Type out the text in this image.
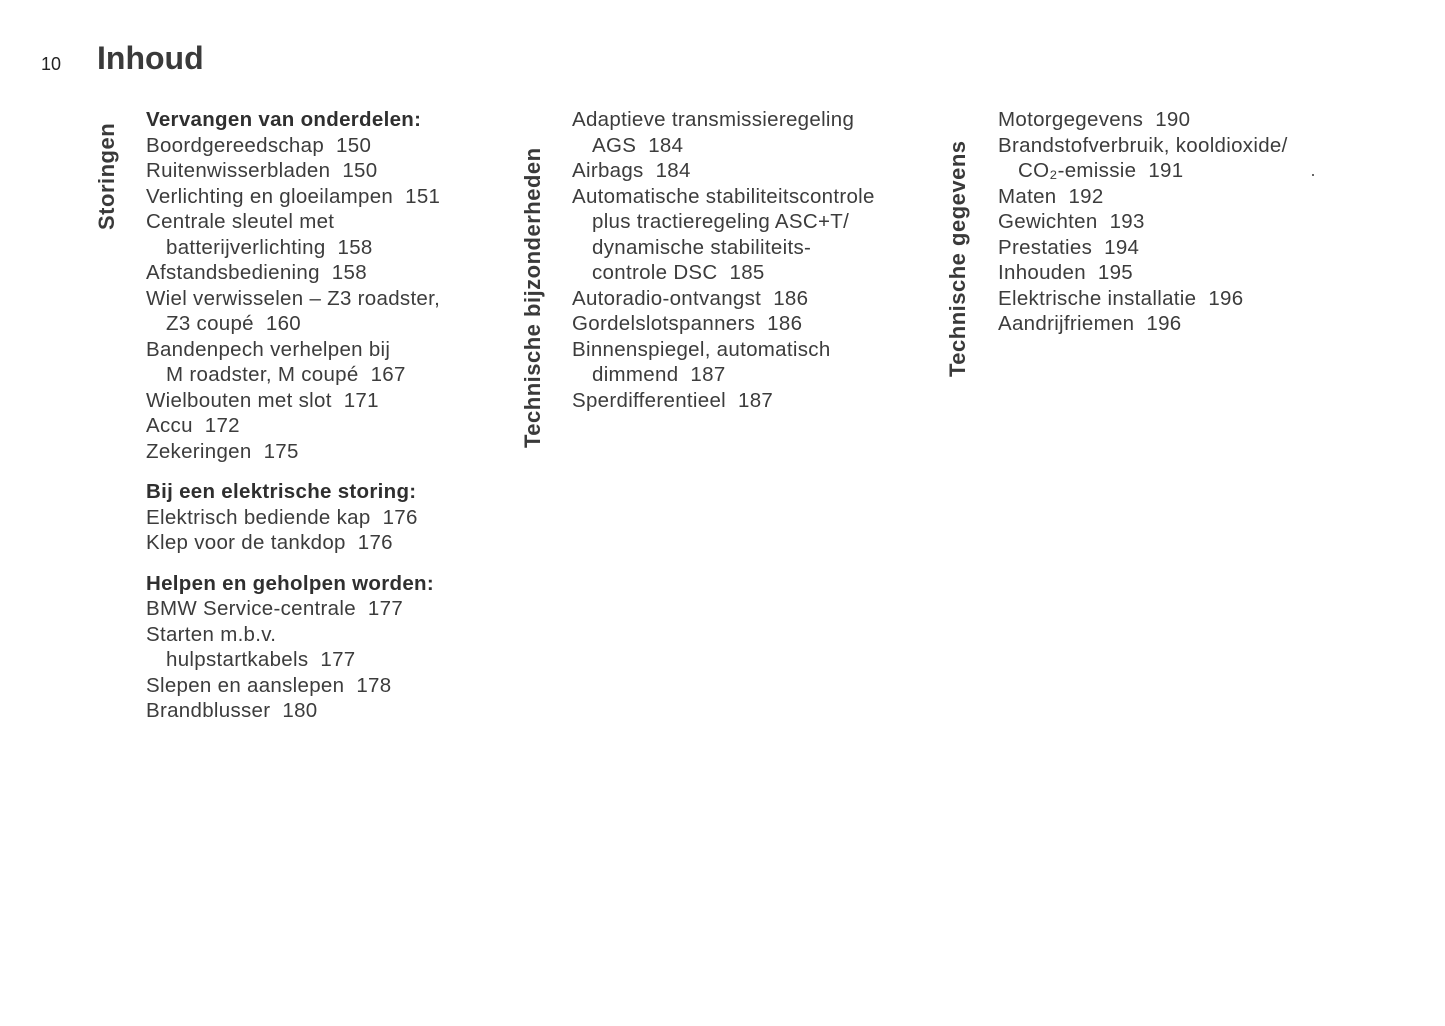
10 Inhoud
Storingen	Technische bijzonderheden	Technische gegevens
Vervangen van onderdelen:
Boordgereedschap 150
Ruitenwisserbladen 150
Verlichting en gloeilampen 151
Centrale sleutel met
batterijverlichting 158
Afstandsbediening 158
Wiel verwisselen – Z3 roadster,
Z3 coupé 160
Bandenpech verhelpen bij
M roadster, M coupé 167
Wielbouten met slot 171
Accu 172
Zekeringen 175
Bij een elektrische storing:
Elektrisch bediende kap 176
Klep voor de tankdop 176
Helpen en geholpen worden:
BMW Service-centrale 177
Starten m.b.v.
hulpstartkabels 177
Slepen en aanslepen 178
Brandblusser 180
Adaptieve transmissieregeling
AGS 184
Airbags 184
Automatische stabiliteitscontrole
plus tractieregeling ASC+T/
dynamische stabiliteits-
controle DSC 185
Autoradio-ontvangst 186
Gordelslotspanners 186
Binnenspiegel, automatisch
dimmend 187
Sperdifferentieel 187
Motorgegevens 190
Brandstofverbruik, kooldioxide/
CO₂-emissie 191
Maten 192
Gewichten 193
Prestaties 194
Inhouden 195
Elektrische installatie 196
Aandrijfriemen 196
